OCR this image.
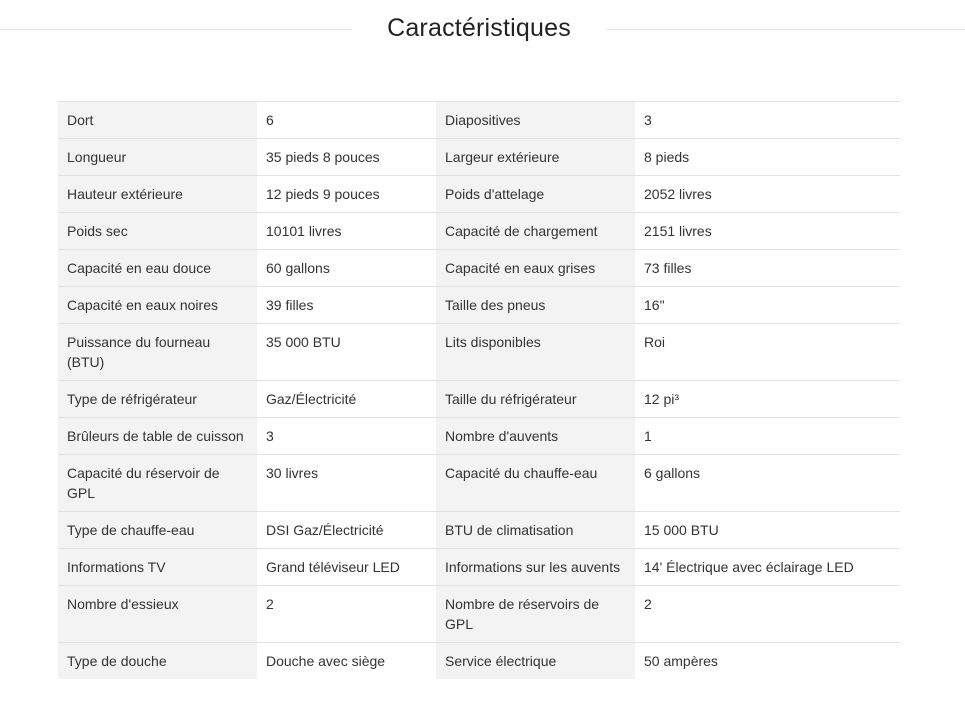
Caractéristiques
Dort	6	Diapositives	3
Longueur	35 pieds 8 pouces	Largeur extérieure	8 pieds
Hauteur extérieure	12 pieds 9 pouces	Poids d'attelage	2052 livres
Poids sec	10101 livres	Capacité de chargement	2151 livres
Capacité en eau douce	60 gallons	Capacité en eaux grises	73 filles
Capacité en eaux noires	39 filles	Taille des pneus	16"
Puissance du fourneau (BTU)	35 000 BTU	Lits disponibles	Roi
Type de réfrigérateur	Gaz/Électricité	Taille du réfrigérateur	12 pi³
Brûleurs de table de cuisson	3	Nombre d'auvents	1
Capacité du réservoir de GPL	30 livres	Capacité du chauffe-eau	6 gallons
Type de chauffe-eau	DSI Gaz/Électricité	BTU de climatisation	15 000 BTU
Informations TV	Grand téléviseur LED	Informations sur les auvents	14' Électrique avec éclairage LED
Nombre d'essieux	2	Nombre de réservoirs de GPL	2
Type de douche	Douche avec siège	Service électrique	50 ampères
